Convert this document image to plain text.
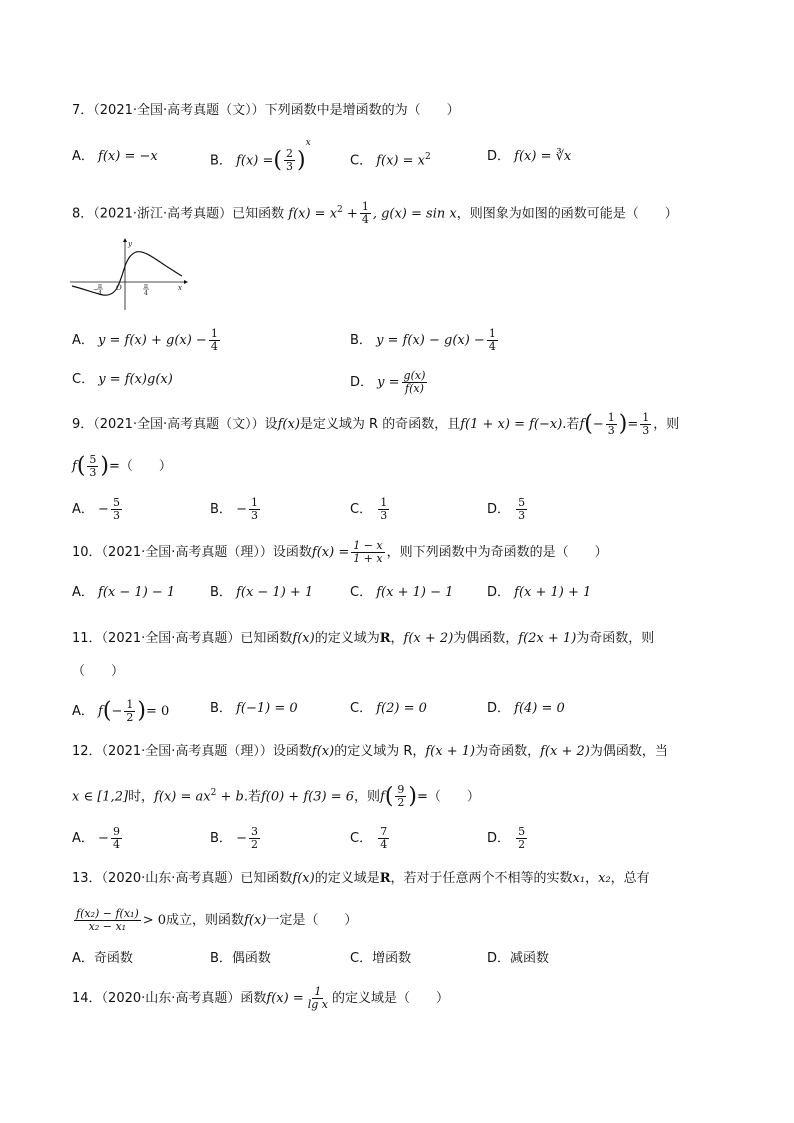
7．（2021·全国·高考真题（文））下列函数中是增函数的为（　　）
A． f(x) = −x	B． f(x) =( $\frac{2}{3} )^x$
C． $f(x) = x^2$	D． f(x) = ∛x
8．（2021·浙江·高考真题）已知函数 $f(x) = x^2 + \frac{1}{4}$ , g(x) = sin x，则图象为如图的函数可能是（　　）
y
x
O
− π
4
π
4
A． $y = f(x) + g(x) - \frac{1}{4}$	B． $y = f(x) - g(x) - \frac{1}{4}$
C． y = f(x)g(x)	D． $y = \frac{g(x)}{f(x)}$
9．（2021·全国·高考真题（文））设f(x)是定义域为 R 的奇函数，且f(1 + x) = f(−x).若$f(- \frac{1}{3}$ )= $\frac{1}{3}$ ，则
$f( \frac{5}{3}$ )=（　　）
A． − $\frac{5}{3}$	B． − $\frac{1}{3}$	C． $\frac{1}{3}$	D． $\frac{5}{3}$
10．（2021·全国·高考真题（理））设函数$f(x) = \frac{1 - x}{1 + x}$ ，则下列函数中为奇函数的是（　　）
A． f(x − 1) − 1	B． f(x − 1) + 1	C． f(x + 1) − 1	D． f(x + 1) + 1
11．（2021·全国·高考真题）已知函数f(x)的定义域为R，f(x + 2)为偶函数，f(2x + 1)为奇函数，则
（　　）
A． $f(- \frac{1}{2}$ )= 0	B． f(−1) = 0	C． f(2) = 0	D． f(4) = 0
12．（2021·全国·高考真题（理））设函数f(x)的定义域为 R，f(x + 1)为奇函数，f(x + 2)为偶函数，当
x ∈ [1,2]时，$f(x) = ax^2 + b$.若f(0) + f(3) = 6，则$f( \frac{9}{2}$ )=（　　）
A． − $\frac{9}{4}$	B． − $\frac{3}{2}$	C． $\frac{7}{4}$	D． $\frac{5}{2}$
13．（2020·山东·高考真题）已知函数f(x)的定义域是R，若对于任意两个不相等的实数x₁，x₂，总有
$\frac{\text{f(x₂) − f(x₁)}}{\text{x₂ − x₁}} > 0$成立，则函数f(x)一定是（　　）
A．奇函数	B．偶函数	C．增函数	D．减函数
14．（2020·山东·高考真题）函数$f(x) = \frac{1}{\text{lg x}}$ 的定义域是（　　）
